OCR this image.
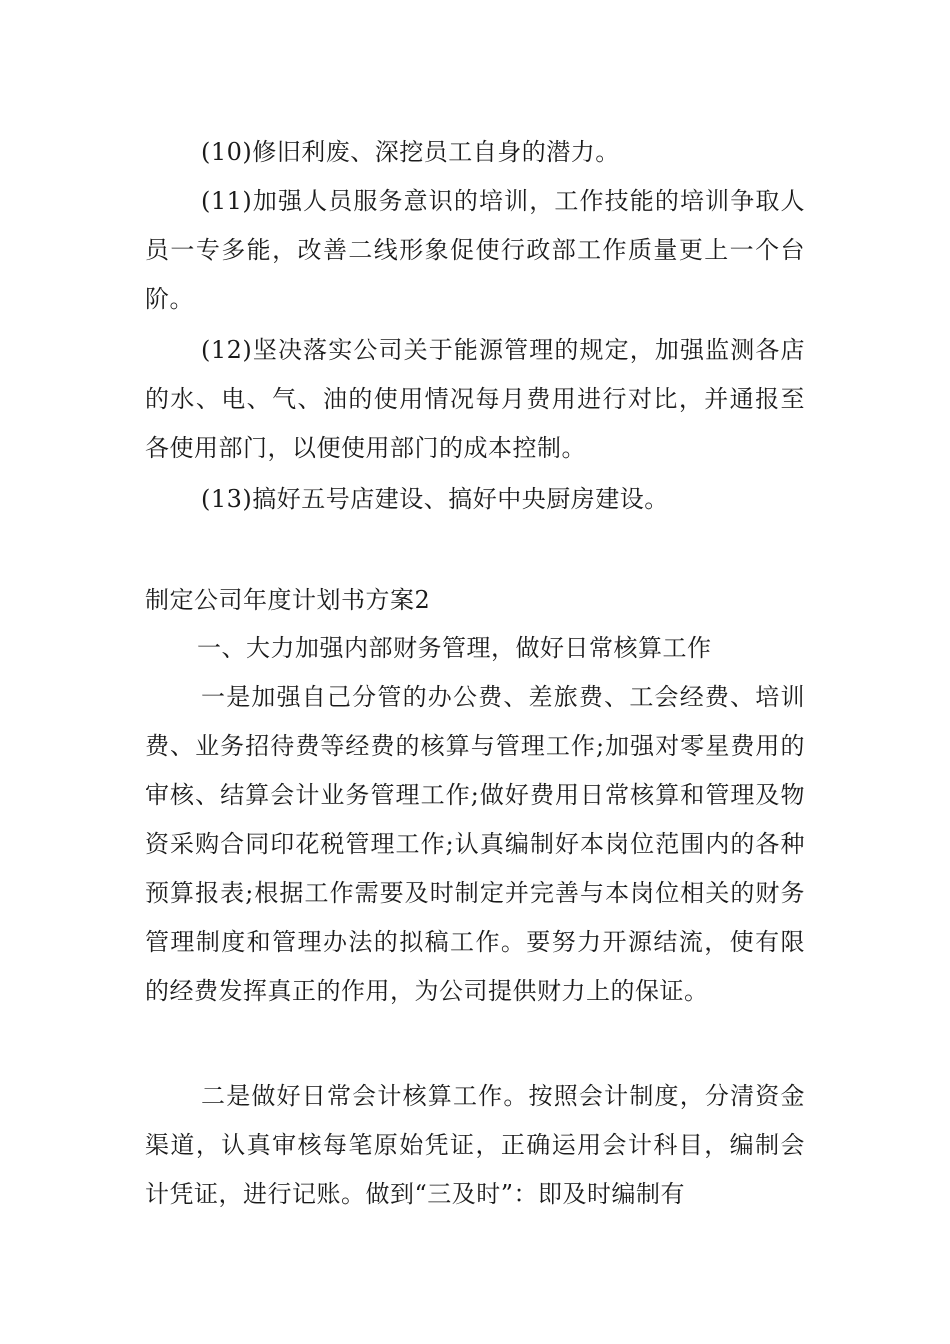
(10)修旧利废、深挖员工自身的潜力。

(11)加强人员服务意识的培训，工作技能的培训争取人员一专多能，改善二线形象促使行政部工作质量更上一个台阶。

(12)坚决落实公司关于能源管理的规定，加强监测各店的水、电、气、油的使用情况每月费用进行对比，并通报至各使用部门，以便使用部门的成本控制。

(13)搞好五号店建设、搞好中央厨房建设。

制定公司年度计划书方案2

一、大力加强内部财务管理，做好日常核算工作

一是加强自己分管的办公费、差旅费、工会经费、培训费、业务招待费等经费的核算与管理工作;加强对零星费用的审核、结算会计业务管理工作;做好费用日常核算和管理及物资采购合同印花税管理工作;认真编制好本岗位范围内的各种预算报表;根据工作需要及时制定并完善与本岗位相关的财务管理制度和管理办法的拟稿工作。要努力开源结流，使有限的经费发挥真正的作用，为公司提供财力上的保证。

二是做好日常会计核算工作。按照会计制度，分清资金渠道，认真审核每笔原始凭证，正确运用会计科目，编制会计凭证，进行记账。做到“三及时”：即及时编制有
